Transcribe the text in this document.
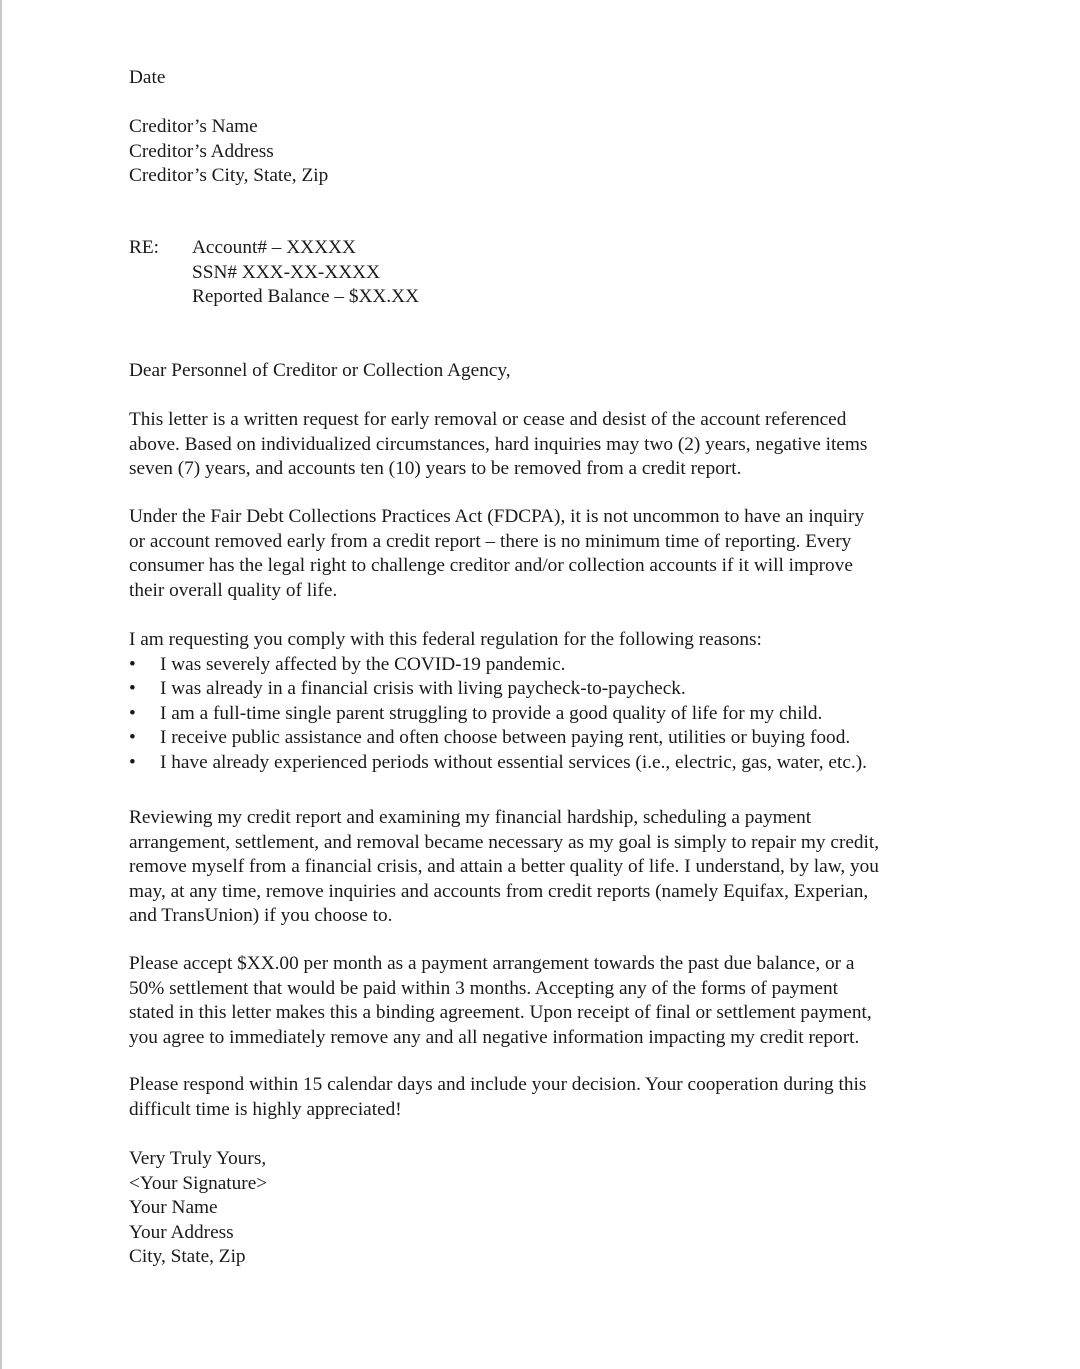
Date
Creditor’s Name
Creditor’s Address
Creditor’s City, State, Zip
RE: Account# – XXXXX
SSN# XXX-XX-XXXX
Reported Balance – $XX.XX
Dear Personnel of Creditor or Collection Agency,
This letter is a written request for early removal or cease and desist of the account referenced
above. Based on individualized circumstances, hard inquiries may two (2) years, negative items
seven (7) years, and accounts ten (10) years to be removed from a credit report.
Under the Fair Debt Collections Practices Act (FDCPA), it is not uncommon to have an inquiry
or account removed early from a credit report – there is no minimum time of reporting. Every
consumer has the legal right to challenge creditor and/or collection accounts if it will improve
their overall quality of life.
I am requesting you comply with this federal regulation for the following reasons:
• I was severely affected by the COVID-19 pandemic.
• I was already in a financial crisis with living paycheck-to-paycheck.
• I am a full-time single parent struggling to provide a good quality of life for my child.
• I receive public assistance and often choose between paying rent, utilities or buying food.
• I have already experienced periods without essential services (i.e., electric, gas, water, etc.).
Reviewing my credit report and examining my financial hardship, scheduling a payment
arrangement, settlement, and removal became necessary as my goal is simply to repair my credit,
remove myself from a financial crisis, and attain a better quality of life. I understand, by law, you
may, at any time, remove inquiries and accounts from credit reports (namely Equifax, Experian,
and TransUnion) if you choose to.
Please accept $XX.00 per month as a payment arrangement towards the past due balance, or a
50% settlement that would be paid within 3 months. Accepting any of the forms of payment
stated in this letter makes this a binding agreement. Upon receipt of final or settlement payment,
you agree to immediately remove any and all negative information impacting my credit report.
Please respond within 15 calendar days and include your decision. Your cooperation during this
difficult time is highly appreciated!
Very Truly Yours,
<Your Signature>
Your Name
Your Address
City, State, Zip
